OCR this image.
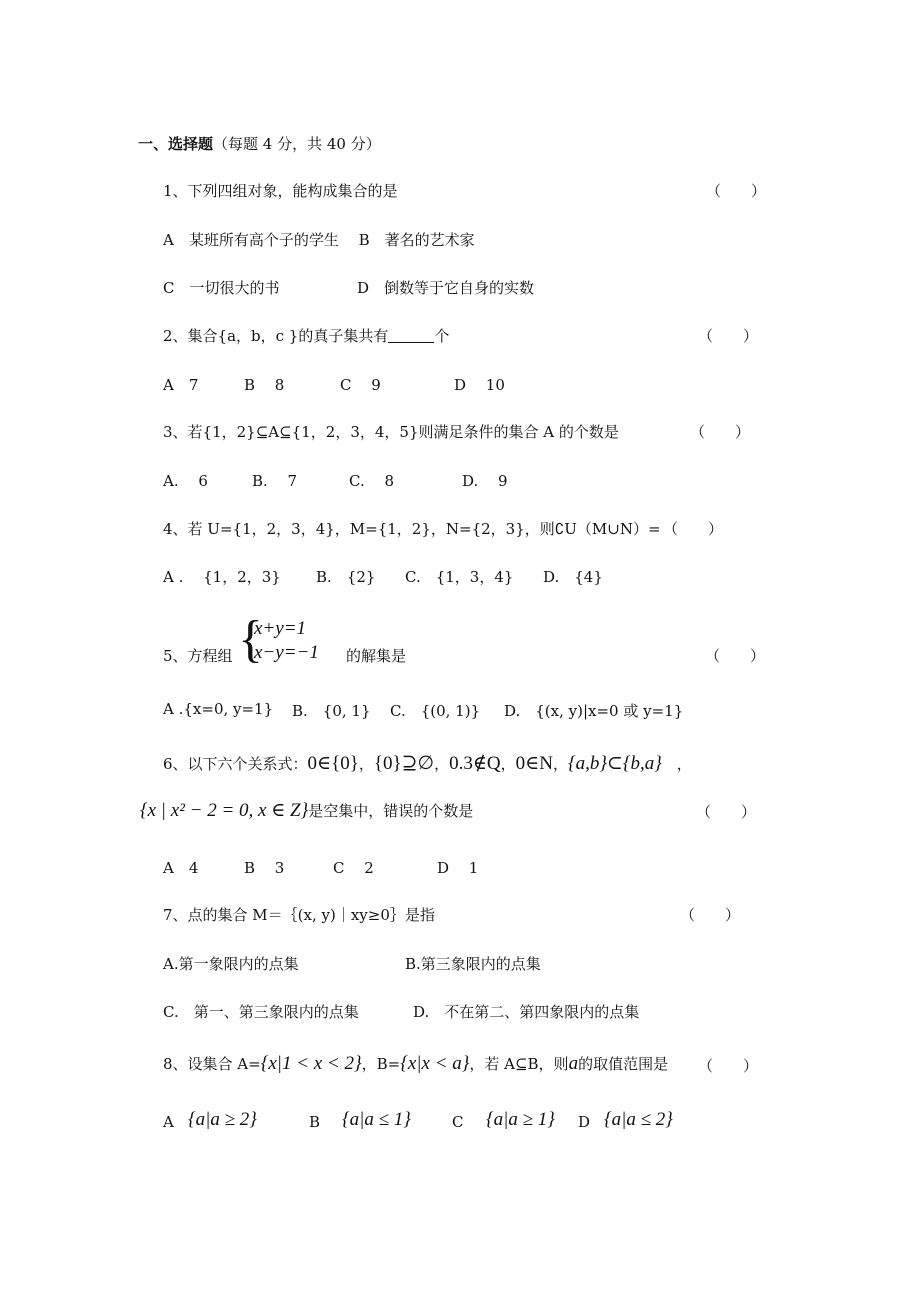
一、选择题（每题 4 分，共 40 分）
1、下列四组对象，能构成集合的是	（　　）
A　某班所有高个子的学生　 B　著名的艺术家
C　一切很大的书	D　倒数等于它自身的实数
2、集合{a，b，c }的真子集共有	个	（　　）
A　7	B　 8	C　 9	D　 10
3、若{1，2}⊆A⊆{1，2，3，4，5}则满足条件的集合 A 的个数是	（　　）
A.　 6	B.　 7	C.　 8	D.　 9
4、若 U={1，2，3，4}，M={1，2}，N={2，3}，则∁U（M∪N）= （　　）
A .　 {1，2，3} B.　{2} C.　{1，3，4} D.　{4}
5、方程组 {
x+y=1
x−y=−1 的解集是	（　　）
A .{x=0, y=1} B.　{0, 1} C.　{(0, 1)} D.　{(x, y)|x=0 或 y=1}
6、以下六个关系式：0∈{0}，{0}⊇∅，0.3∉Q，0∈N，{a,b}⊂{b,a}　，
{x | x² − 2 = 0, x ∈ Z}是空集中，错误的个数是	（　　）
A　4	B　 3	C　 2	D　 1
7、点的集合 M＝｛(x, y)｜xy≥0｝是指	（　　）
A.第一象限内的点集	B.第三象限内的点集
C.　第一、第三象限内的点集	D.　不在第二、第四象限内的点集
8、设集合 A={x|1 < x < 2}，B={x|x < a}，若 A⊆B，则a的取值范围是 （　　）
A {a|a ≥ 2}	B {a|a ≤ 1}	C {a|a ≥ 1} D {a|a ≤ 2}
